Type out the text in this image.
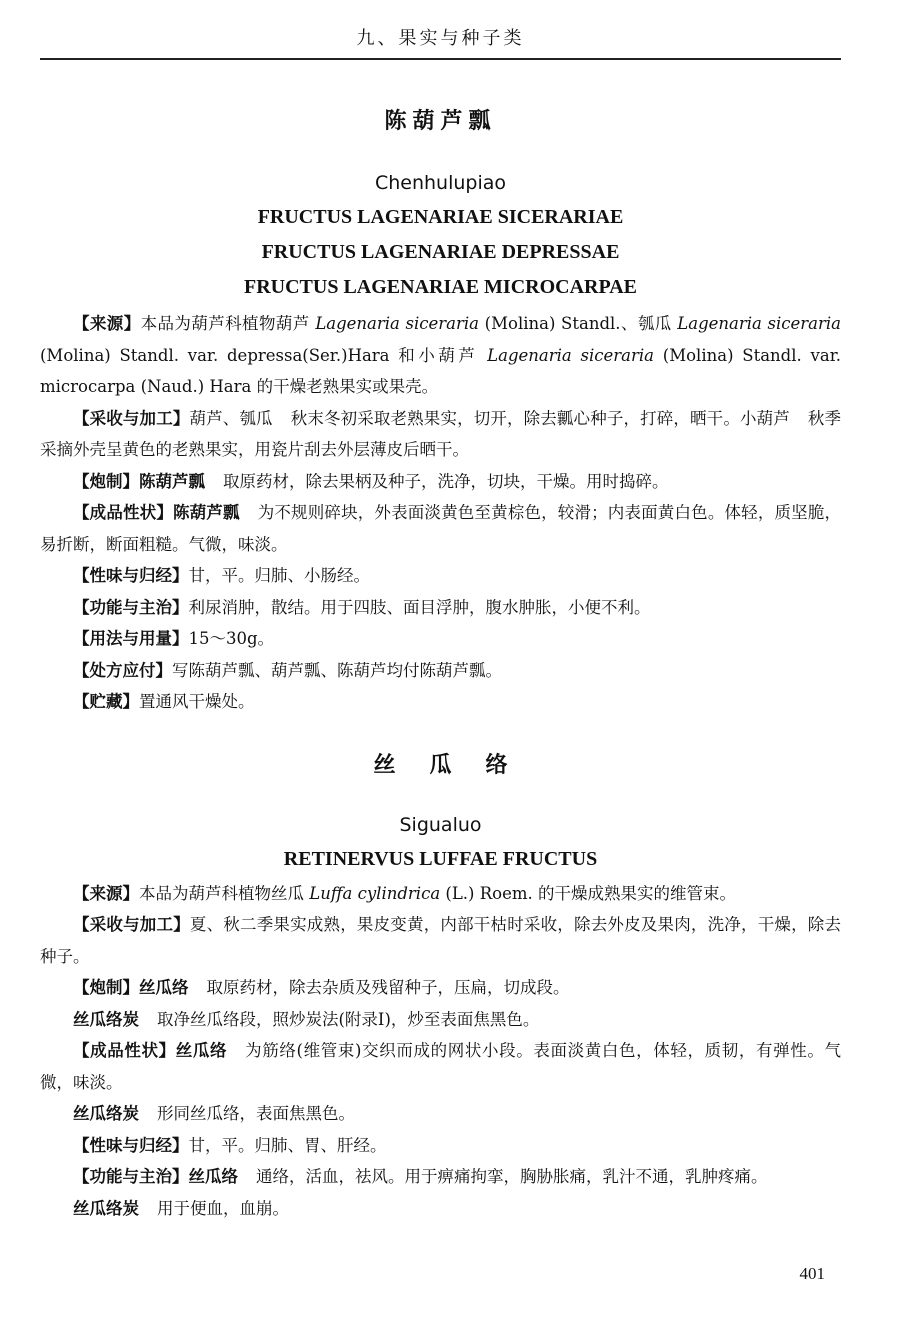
九、果实与种子类
陈葫芦瓢
Chenhulupiao

FRUCTUS LAGENARIAE SICERARIAE

FRUCTUS LAGENARIAE DEPRESSAE

FRUCTUS LAGENARIAE MICROCARPAE

【来源】本品为葫芦科植物葫芦 Lagenaria siceraria (Molina) Standl.、瓠瓜 Lagenaria siceraria (Molina) Standl. var. depressa(Ser.)Hara 和小葫芦 Lagenaria siceraria (Molina) Standl. var. microcarpa (Naud.) Hara 的干燥老熟果实或果壳。

【采收与加工】葫芦、瓠瓜 秋末冬初采取老熟果实，切开，除去瓤心种子，打碎，晒干。小葫芦 秋季采摘外壳呈黄色的老熟果实，用瓷片刮去外层薄皮后晒干。

【炮制】陈葫芦瓢 取原药材，除去果柄及种子，洗净，切块，干燥。用时捣碎。

【成品性状】陈葫芦瓢 为不规则碎块，外表面淡黄色至黄棕色，较滑；内表面黄白色。体轻，质坚脆，易折断，断面粗糙。气微，味淡。

【性味与归经】甘，平。归肺、小肠经。

【功能与主治】利尿消肿，散结。用于四肢、面目浮肿，腹水肿胀，小便不利。

【用法与用量】15～30g。

【处方应付】写陈葫芦瓢、葫芦瓢、陈葫芦均付陈葫芦瓢。

【贮藏】置通风干燥处。

丝瓜络
Sigualuo

RETINERVUS LUFFAE FRUCTUS

【来源】本品为葫芦科植物丝瓜 Luffa cylindrica (L.) Roem. 的干燥成熟果实的维管束。

【采收与加工】夏、秋二季果实成熟，果皮变黄，内部干枯时采收，除去外皮及果肉，洗净，干燥，除去种子。

【炮制】丝瓜络 取原药材，除去杂质及残留种子，压扁，切成段。

丝瓜络炭 取净丝瓜络段，照炒炭法(附录Ⅰ)，炒至表面焦黑色。

【成品性状】丝瓜络 为筋络(维管束)交织而成的网状小段。表面淡黄白色，体轻，质韧，有弹性。气微，味淡。

丝瓜络炭 形同丝瓜络，表面焦黑色。

【性味与归经】甘，平。归肺、胃、肝经。

【功能与主治】丝瓜络 通络，活血，祛风。用于痹痛拘挛，胸胁胀痛，乳汁不通，乳肿疼痛。

丝瓜络炭 用于便血，血崩。

401
